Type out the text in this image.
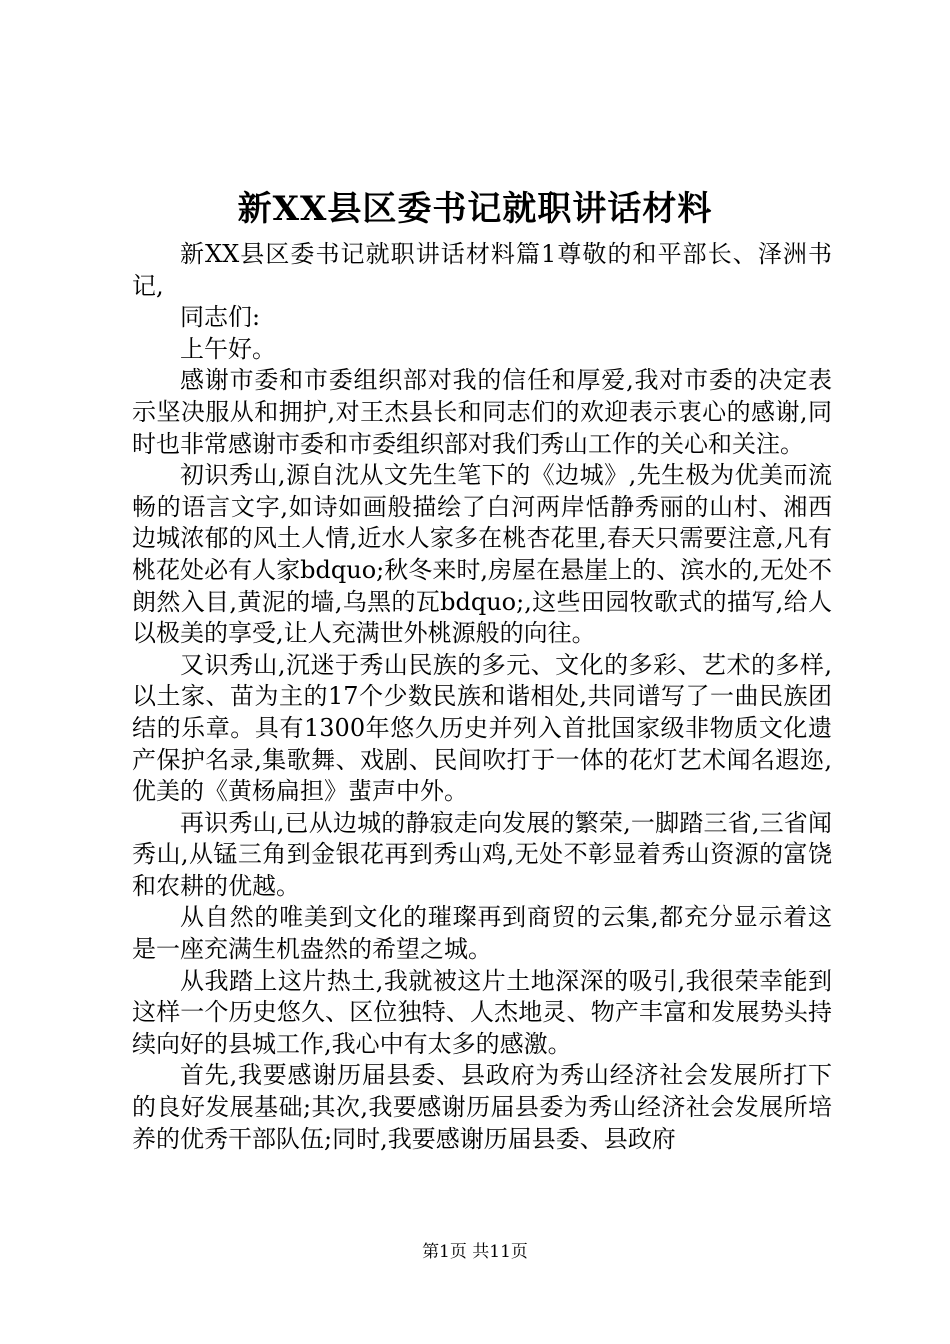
新XX县区委书记就职讲话材料

新XX县区委书记就职讲话材料篇1尊敬的和平部长、泽洲书记,

同志们:

上午好。

感谢市委和市委组织部对我的信任和厚爱,我对市委的决定表示坚决服从和拥护,对王杰县长和同志们的欢迎表示衷心的感谢,同时也非常感谢市委和市委组织部对我们秀山工作的关心和关注。

初识秀山,源自沈从文先生笔下的《边城》,先生极为优美而流畅的语言文字,如诗如画般描绘了白河两岸恬静秀丽的山村、湘西边城浓郁的风土人情,近水人家多在桃杏花里,春天只需要注意,凡有桃花处必有人家bdquo;秋冬来时,房屋在悬崖上的、滨水的,无处不朗然入目,黄泥的墙,乌黑的瓦bdquo;,这些田园牧歌式的描写,给人以极美的享受,让人充满世外桃源般的向往。

又识秀山,沉迷于秀山民族的多元、文化的多彩、艺术的多样,以土家、苗为主的17个少数民族和谐相处,共同谱写了一曲民族团结的乐章。具有1300年悠久历史并列入首批国家级非物质文化遗产保护名录,集歌舞、戏剧、民间吹打于一体的花灯艺术闻名遐迩,优美的《黄杨扁担》蜚声中外。

再识秀山,已从边城的静寂走向发展的繁荣,一脚踏三省,三省闻秀山,从锰三角到金银花再到秀山鸡,无处不彰显着秀山资源的富饶和农耕的优越。

从自然的唯美到文化的璀璨再到商贸的云集,都充分显示着这是一座充满生机盎然的希望之城。

从我踏上这片热土,我就被这片土地深深的吸引,我很荣幸能到这样一个历史悠久、区位独特、人杰地灵、物产丰富和发展势头持续向好的县城工作,我心中有太多的感激。

首先,我要感谢历届县委、县政府为秀山经济社会发展所打下的良好发展基础;其次,我要感谢历届县委为秀山经济社会发展所培养的优秀干部队伍;同时,我要感谢历届县委、县政府

第1页 共11页
